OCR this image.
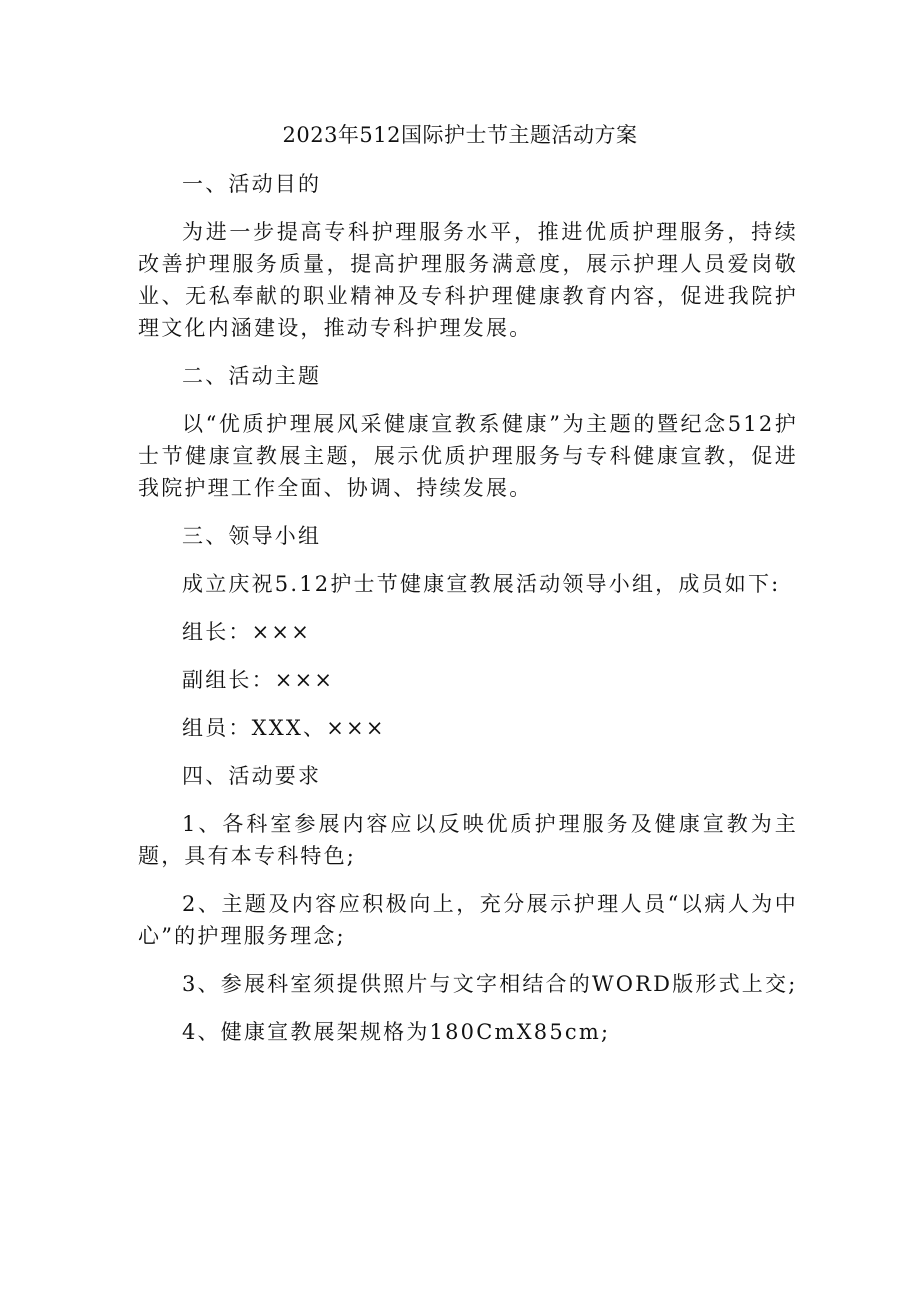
2023年512国际护士节主题活动方案
一、活动目的
为进一步提高专科护理服务水平，推进优质护理服务，持续改善护理服务质量，提高护理服务满意度，展示护理人员爱岗敬业、无私奉献的职业精神及专科护理健康教育内容，促进我院护理文化内涵建设，推动专科护理发展。
二、活动主题
以“优质护理展风采健康宣教系健康”为主题的暨纪念512护士节健康宣教展主题，展示优质护理服务与专科健康宣教，促进我院护理工作全面、协调、持续发展。
三、领导小组
成立庆祝5.12护士节健康宣教展活动领导小组，成员如下:
组长：×××
副组长：×××
组员：XXX、×××
四、活动要求
1、各科室参展内容应以反映优质护理服务及健康宣教为主题，具有本专科特色;
2、主题及内容应积极向上，充分展示护理人员“以病人为中心”的护理服务理念;
3、参展科室须提供照片与文字相结合的WORD版形式上交;
4、健康宣教展架规格为180CmX85cm;
